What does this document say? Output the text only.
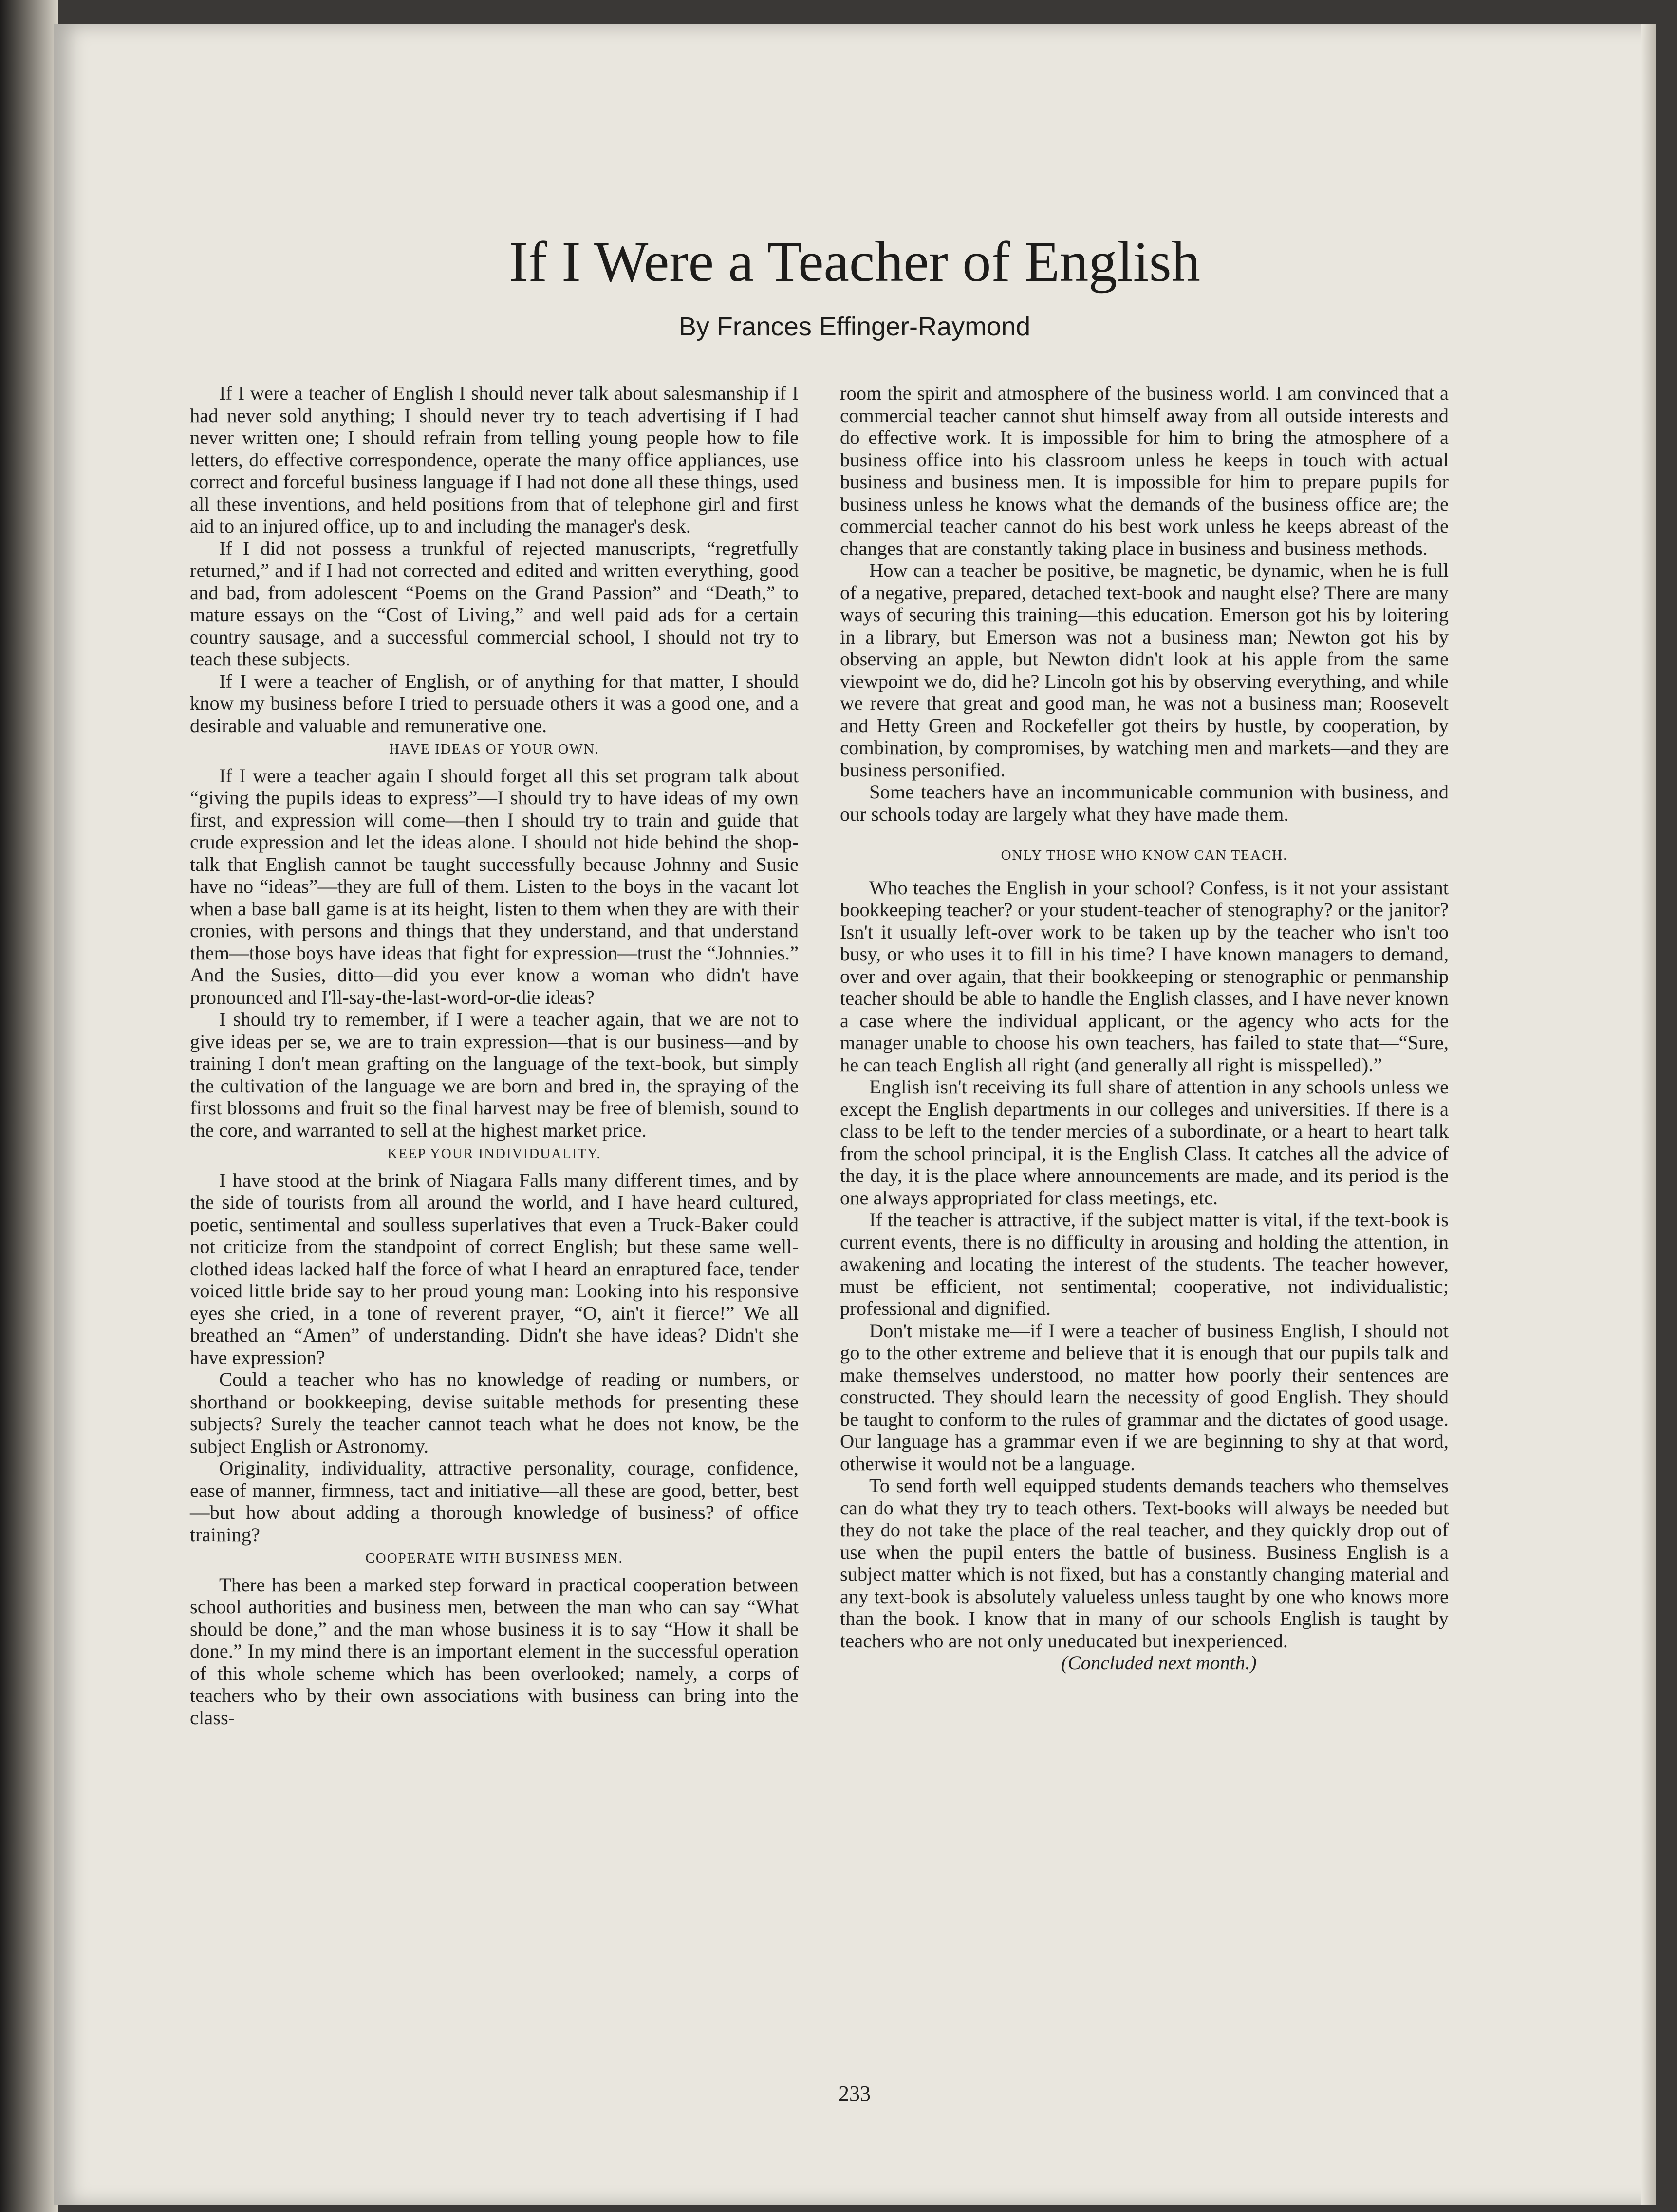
If I Were a Teacher of English
By Frances Effinger-Raymond

If I were a teacher of English I should never talk about salesmanship if I had never sold anything; I should never try to teach advertising if I had never written one; I should refrain from telling young people how to file letters, do effective correspondence, operate the many office appliances, use correct and forceful business language if I had not done all these things, used all these inventions, and held positions from that of telephone girl and first aid to an injured office, up to and including the manager's desk.

If I did not possess a trunkful of rejected manuscripts, “regretfully returned,” and if I had not corrected and edited and written everything, good and bad, from adolescent “Poems on the Grand Passion” and “Death,” to mature essays on the “Cost of Living,” and well paid ads for a certain country sausage, and a successful commercial school, I should not try to teach these subjects.

If I were a teacher of English, or of anything for that matter, I should know my business before I tried to persuade others it was a good one, and a desirable and valuable and remunerative one.

HAVE IDEAS OF YOUR OWN.

If I were a teacher again I should forget all this set program talk about “giving the pupils ideas to express”—I should try to have ideas of my own first, and expression will come—then I should try to train and guide that crude expression and let the ideas alone. I should not hide behind the shop-talk that English cannot be taught successfully because Johnny and Susie have no “ideas”—they are full of them. Listen to the boys in the vacant lot when a base ball game is at its height, listen to them when they are with their cronies, with persons and things that they understand, and that understand them—those boys have ideas that fight for expression—trust the “Johnnies.” And the Susies, ditto—did you ever know a woman who didn't have pronounced and I'll-say-the-last-word-or-die ideas?

I should try to remember, if I were a teacher again, that we are not to give ideas per se, we are to train expression—that is our business—and by training I don't mean grafting on the language of the text-book, but simply the cultivation of the language we are born and bred in, the spraying of the first blossoms and fruit so the final harvest may be free of blemish, sound to the core, and warranted to sell at the highest market price.

KEEP YOUR INDIVIDUALITY.

I have stood at the brink of Niagara Falls many different times, and by the side of tourists from all around the world, and I have heard cultured, poetic, sentimental and soulless superlatives that even a Truck-Baker could not criticize from the standpoint of correct English; but these same well-clothed ideas lacked half the force of what I heard an enraptured face, tender voiced little bride say to her proud young man: Looking into his responsive eyes she cried, in a tone of reverent prayer, “O, ain't it fierce!” We all breathed an “Amen” of understanding. Didn't she have ideas? Didn't she have expression?

Could a teacher who has no knowledge of reading or numbers, or shorthand or bookkeeping, devise suitable methods for presenting these subjects? Surely the teacher cannot teach what he does not know, be the subject English or Astronomy.

Originality, individuality, attractive personality, courage, confidence, ease of manner, firmness, tact and initiative—all these are good, better, best—but how about adding a thorough knowledge of business? of office training?

COOPERATE WITH BUSINESS MEN.

There has been a marked step forward in practical cooperation between school authorities and business men, between the man who can say “What should be done,” and the man whose business it is to say “How it shall be done.” In my mind there is an important element in the successful operation of this whole scheme which has been overlooked; namely, a corps of teachers who by their own associations with business can bring into the class-

room the spirit and atmosphere of the business world. I am convinced that a commercial teacher cannot shut himself away from all outside interests and do effective work. It is impossible for him to bring the atmosphere of a business office into his classroom unless he keeps in touch with actual business and business men. It is impossible for him to prepare pupils for business unless he knows what the demands of the business office are; the commercial teacher cannot do his best work unless he keeps abreast of the changes that are constantly taking place in business and business methods.

How can a teacher be positive, be magnetic, be dynamic, when he is full of a negative, prepared, detached text-book and naught else? There are many ways of securing this training—this education. Emerson got his by loitering in a library, but Emerson was not a business man; Newton got his by observing an apple, but Newton didn't look at his apple from the same viewpoint we do, did he? Lincoln got his by observing everything, and while we revere that great and good man, he was not a business man; Roosevelt and Hetty Green and Rockefeller got theirs by hustle, by cooperation, by combination, by compromises, by watching men and markets—and they are business personified.

Some teachers have an incommunicable communion with business, and our schools today are largely what they have made them.

ONLY THOSE WHO KNOW CAN TEACH.

Who teaches the English in your school? Confess, is it not your assistant bookkeeping teacher? or your student-teacher of stenography? or the janitor? Isn't it usually left-over work to be taken up by the teacher who isn't too busy, or who uses it to fill in his time? I have known managers to demand, over and over again, that their bookkeeping or stenographic or penmanship teacher should be able to handle the English classes, and I have never known a case where the individual applicant, or the agency who acts for the manager unable to choose his own teachers, has failed to state that—“Sure, he can teach English all right (and generally all right is misspelled).”

English isn't receiving its full share of attention in any schools unless we except the English departments in our colleges and universities. If there is a class to be left to the tender mercies of a subordinate, or a heart to heart talk from the school principal, it is the English Class. It catches all the advice of the day, it is the place where announcements are made, and its period is the one always appropriated for class meetings, etc.

If the teacher is attractive, if the subject matter is vital, if the text-book is current events, there is no difficulty in arousing and holding the attention, in awakening and locating the interest of the students. The teacher however, must be efficient, not sentimental; cooperative, not individualistic; professional and dignified.

Don't mistake me—if I were a teacher of business English, I should not go to the other extreme and believe that it is enough that our pupils talk and make themselves understood, no matter how poorly their sentences are constructed. They should learn the necessity of good English. They should be taught to conform to the rules of grammar and the dictates of good usage. Our language has a grammar even if we are beginning to shy at that word, otherwise it would not be a language.

To send forth well equipped students demands teachers who themselves can do what they try to teach others. Text-books will always be needed but they do not take the place of the real teacher, and they quickly drop out of use when the pupil enters the battle of business. Business English is a subject matter which is not fixed, but has a constantly changing material and any text-book is absolutely valueless unless taught by one who knows more than the book. I know that in many of our schools English is taught by teachers who are not only uneducated but inexperienced.

(Concluded next month.)

233
